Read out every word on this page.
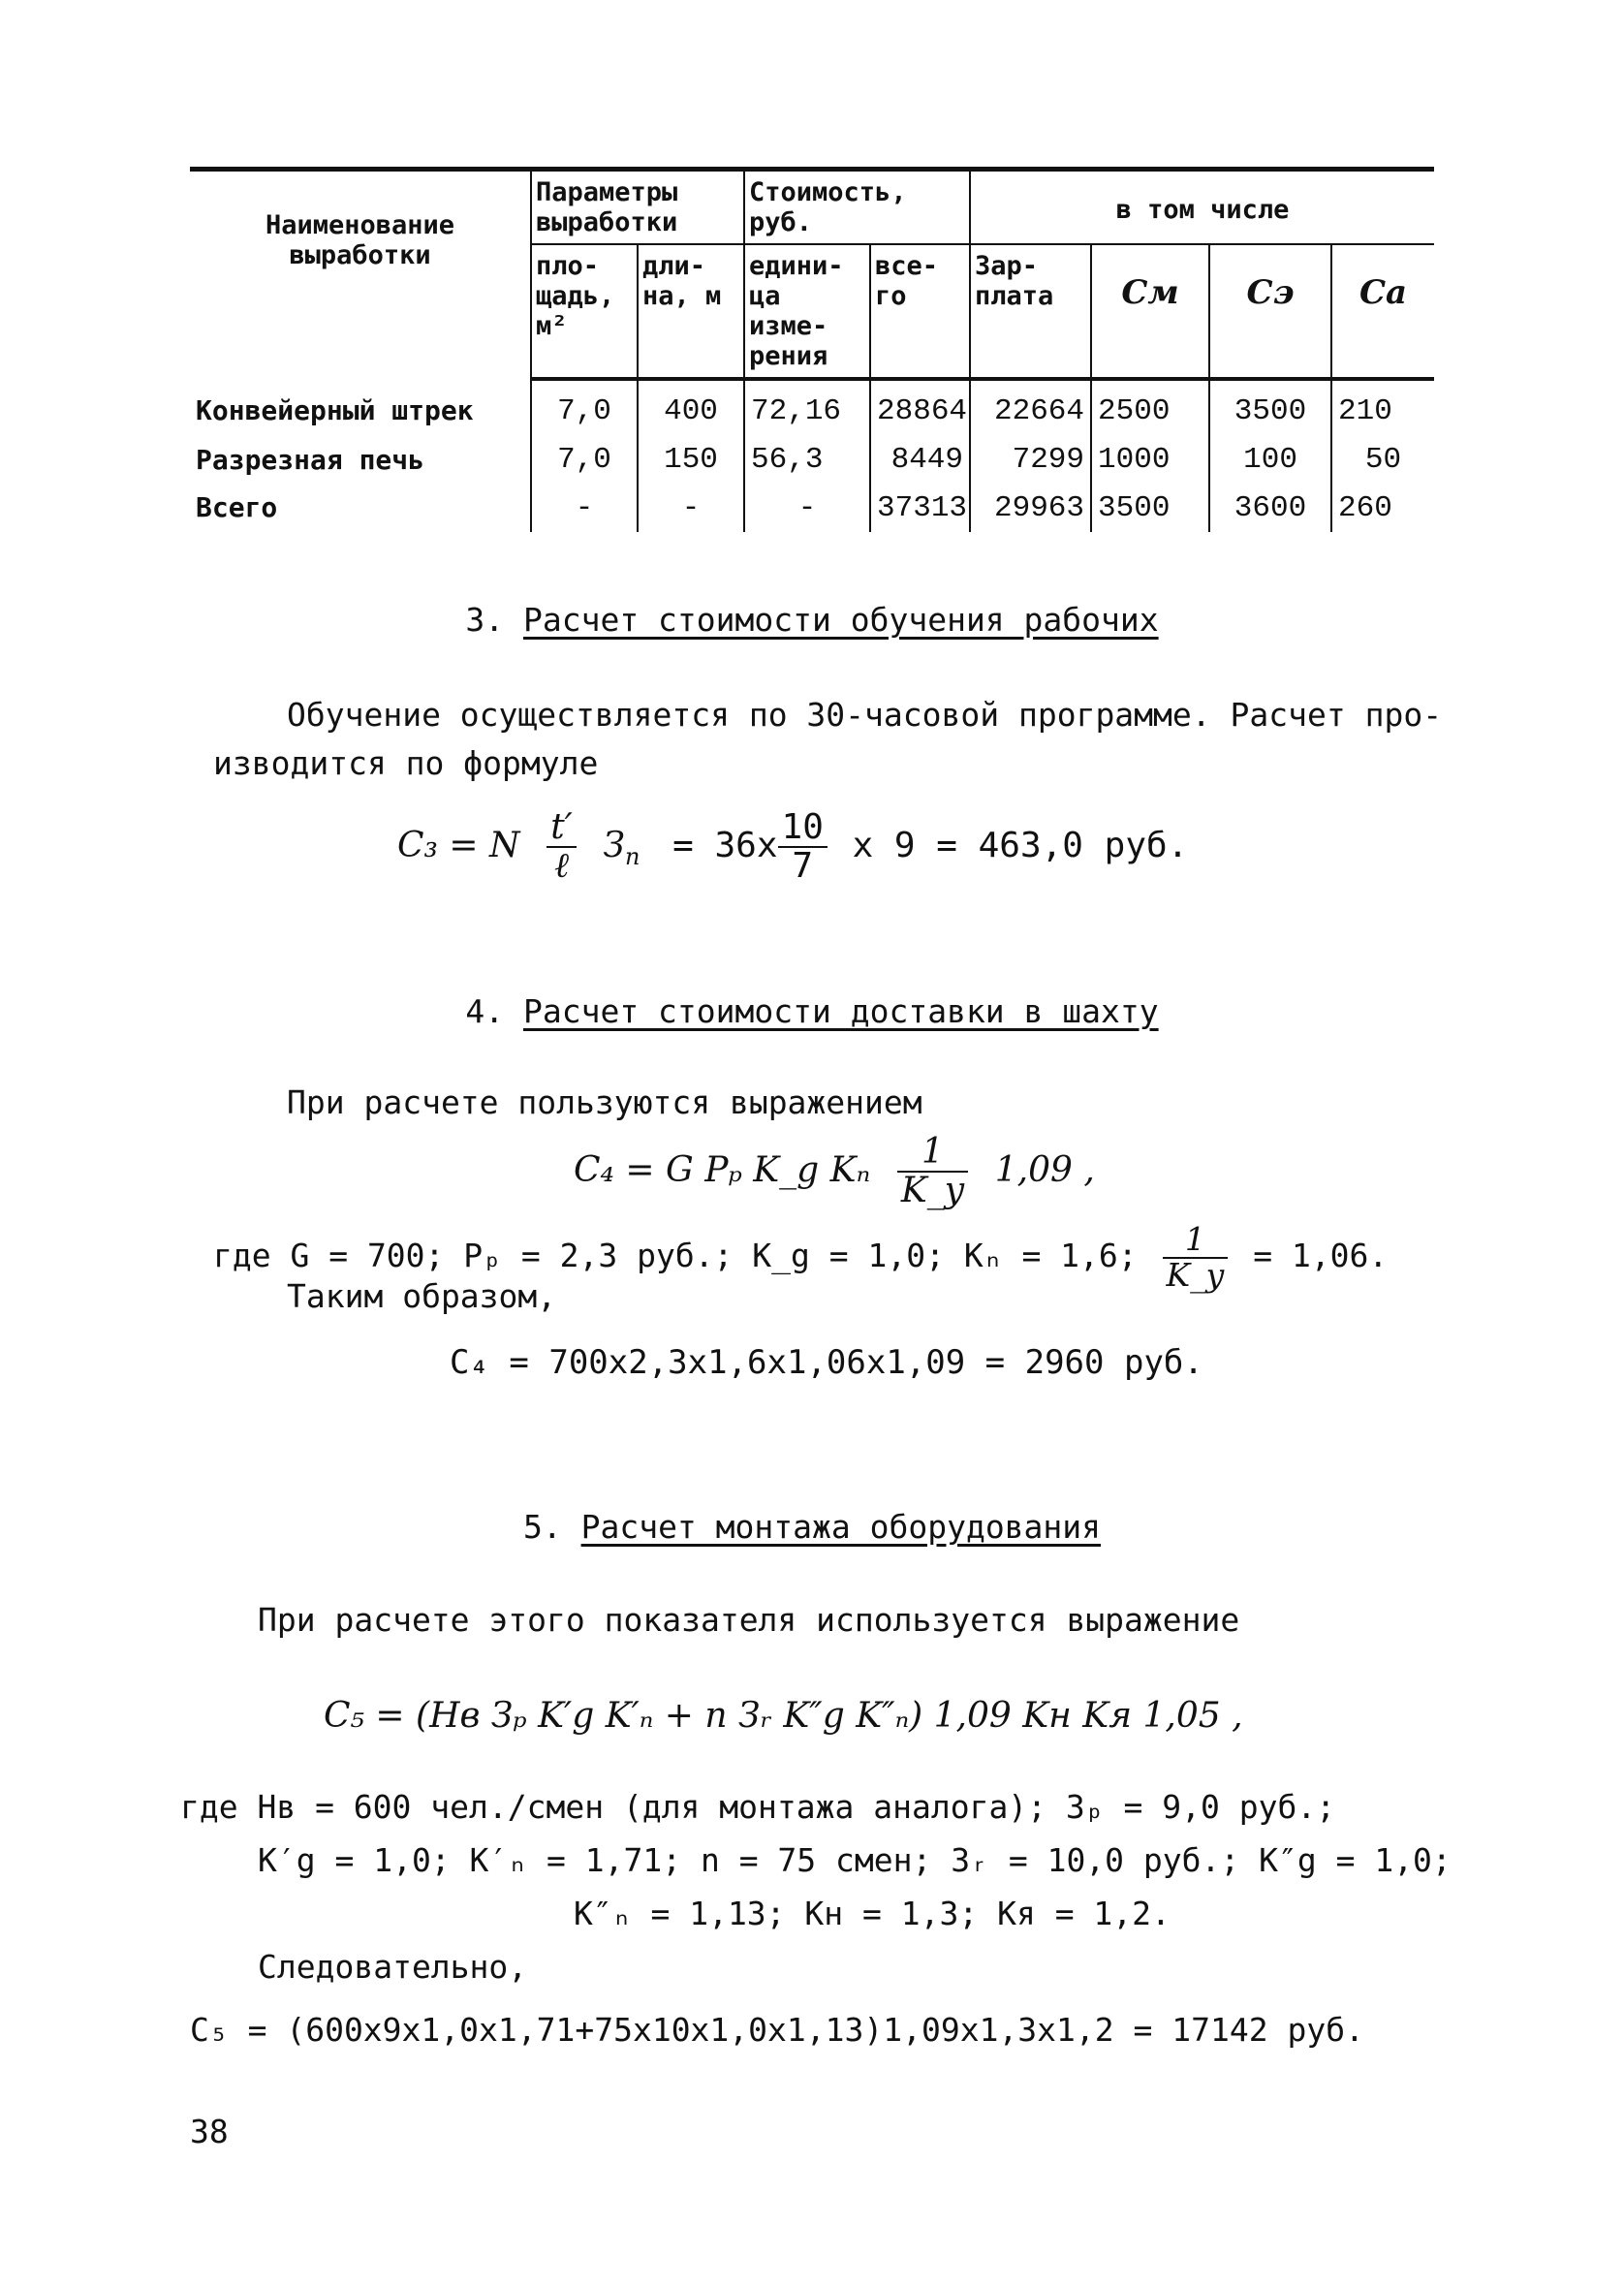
Наименование выработки	Параметры выработки		Стоимость, руб.		в том числе			
	пло-щадь, м²	дли-на, м	едини-ца изме-рения	все-го	Зар-плата	Cм	Cэ	Ca
Конвейерный штрек	7,0	400	72,16	28864	22664	2500	3500	210
Разрезная печь	7,0	150	56,3	8449	7299	1000	100	50
Всего	-	-	-	37313	29963	3500	3600	260
3. Расчет стоимости обучения рабочих
Обучение осуществляется по 30-часовой программе. Расчет про-
изводится по формуле
C₃ = N $\frac{t'}{\text{ℓ}} З_п = 36x \frac{10}{7}$ x 9 = 463,0 руб.
4. Расчет стоимости доставки в шахту
При расчете пользуются выражением
C₄ = G Pₚ K_g Kₙ $\frac{1}{K\_y} 1,09$ ,
где G = 700; Pₚ = 2,3 руб.; K_g = 1,0; Kₙ = 1,6; $\frac{1}{K\_y} = 1,06$.
Таким образом,
C₄ = 700x2,3x1,6x1,06x1,09 = 2960 руб.
5. Расчет монтажа оборудования
При расчете этого показателя используется выражение
C₅ = (Hв Зₚ K′g K′ₙ + n Зᵣ K″g K″ₙ) 1,09 Kн Kя 1,05 ,
где Hв = 600 чел./смен (для монтажа аналога); Зₚ = 9,0 руб.;
K′g = 1,0; K′ₙ = 1,71; n = 75 смен; Зᵣ = 10,0 руб.; K″g = 1,0;
K″ₙ = 1,13; Kн = 1,3; Kя = 1,2.
Следовательно,
C₅ = (600x9x1,0x1,71+75x10x1,0x1,13)1,09x1,3x1,2 = 17142 руб.
38
